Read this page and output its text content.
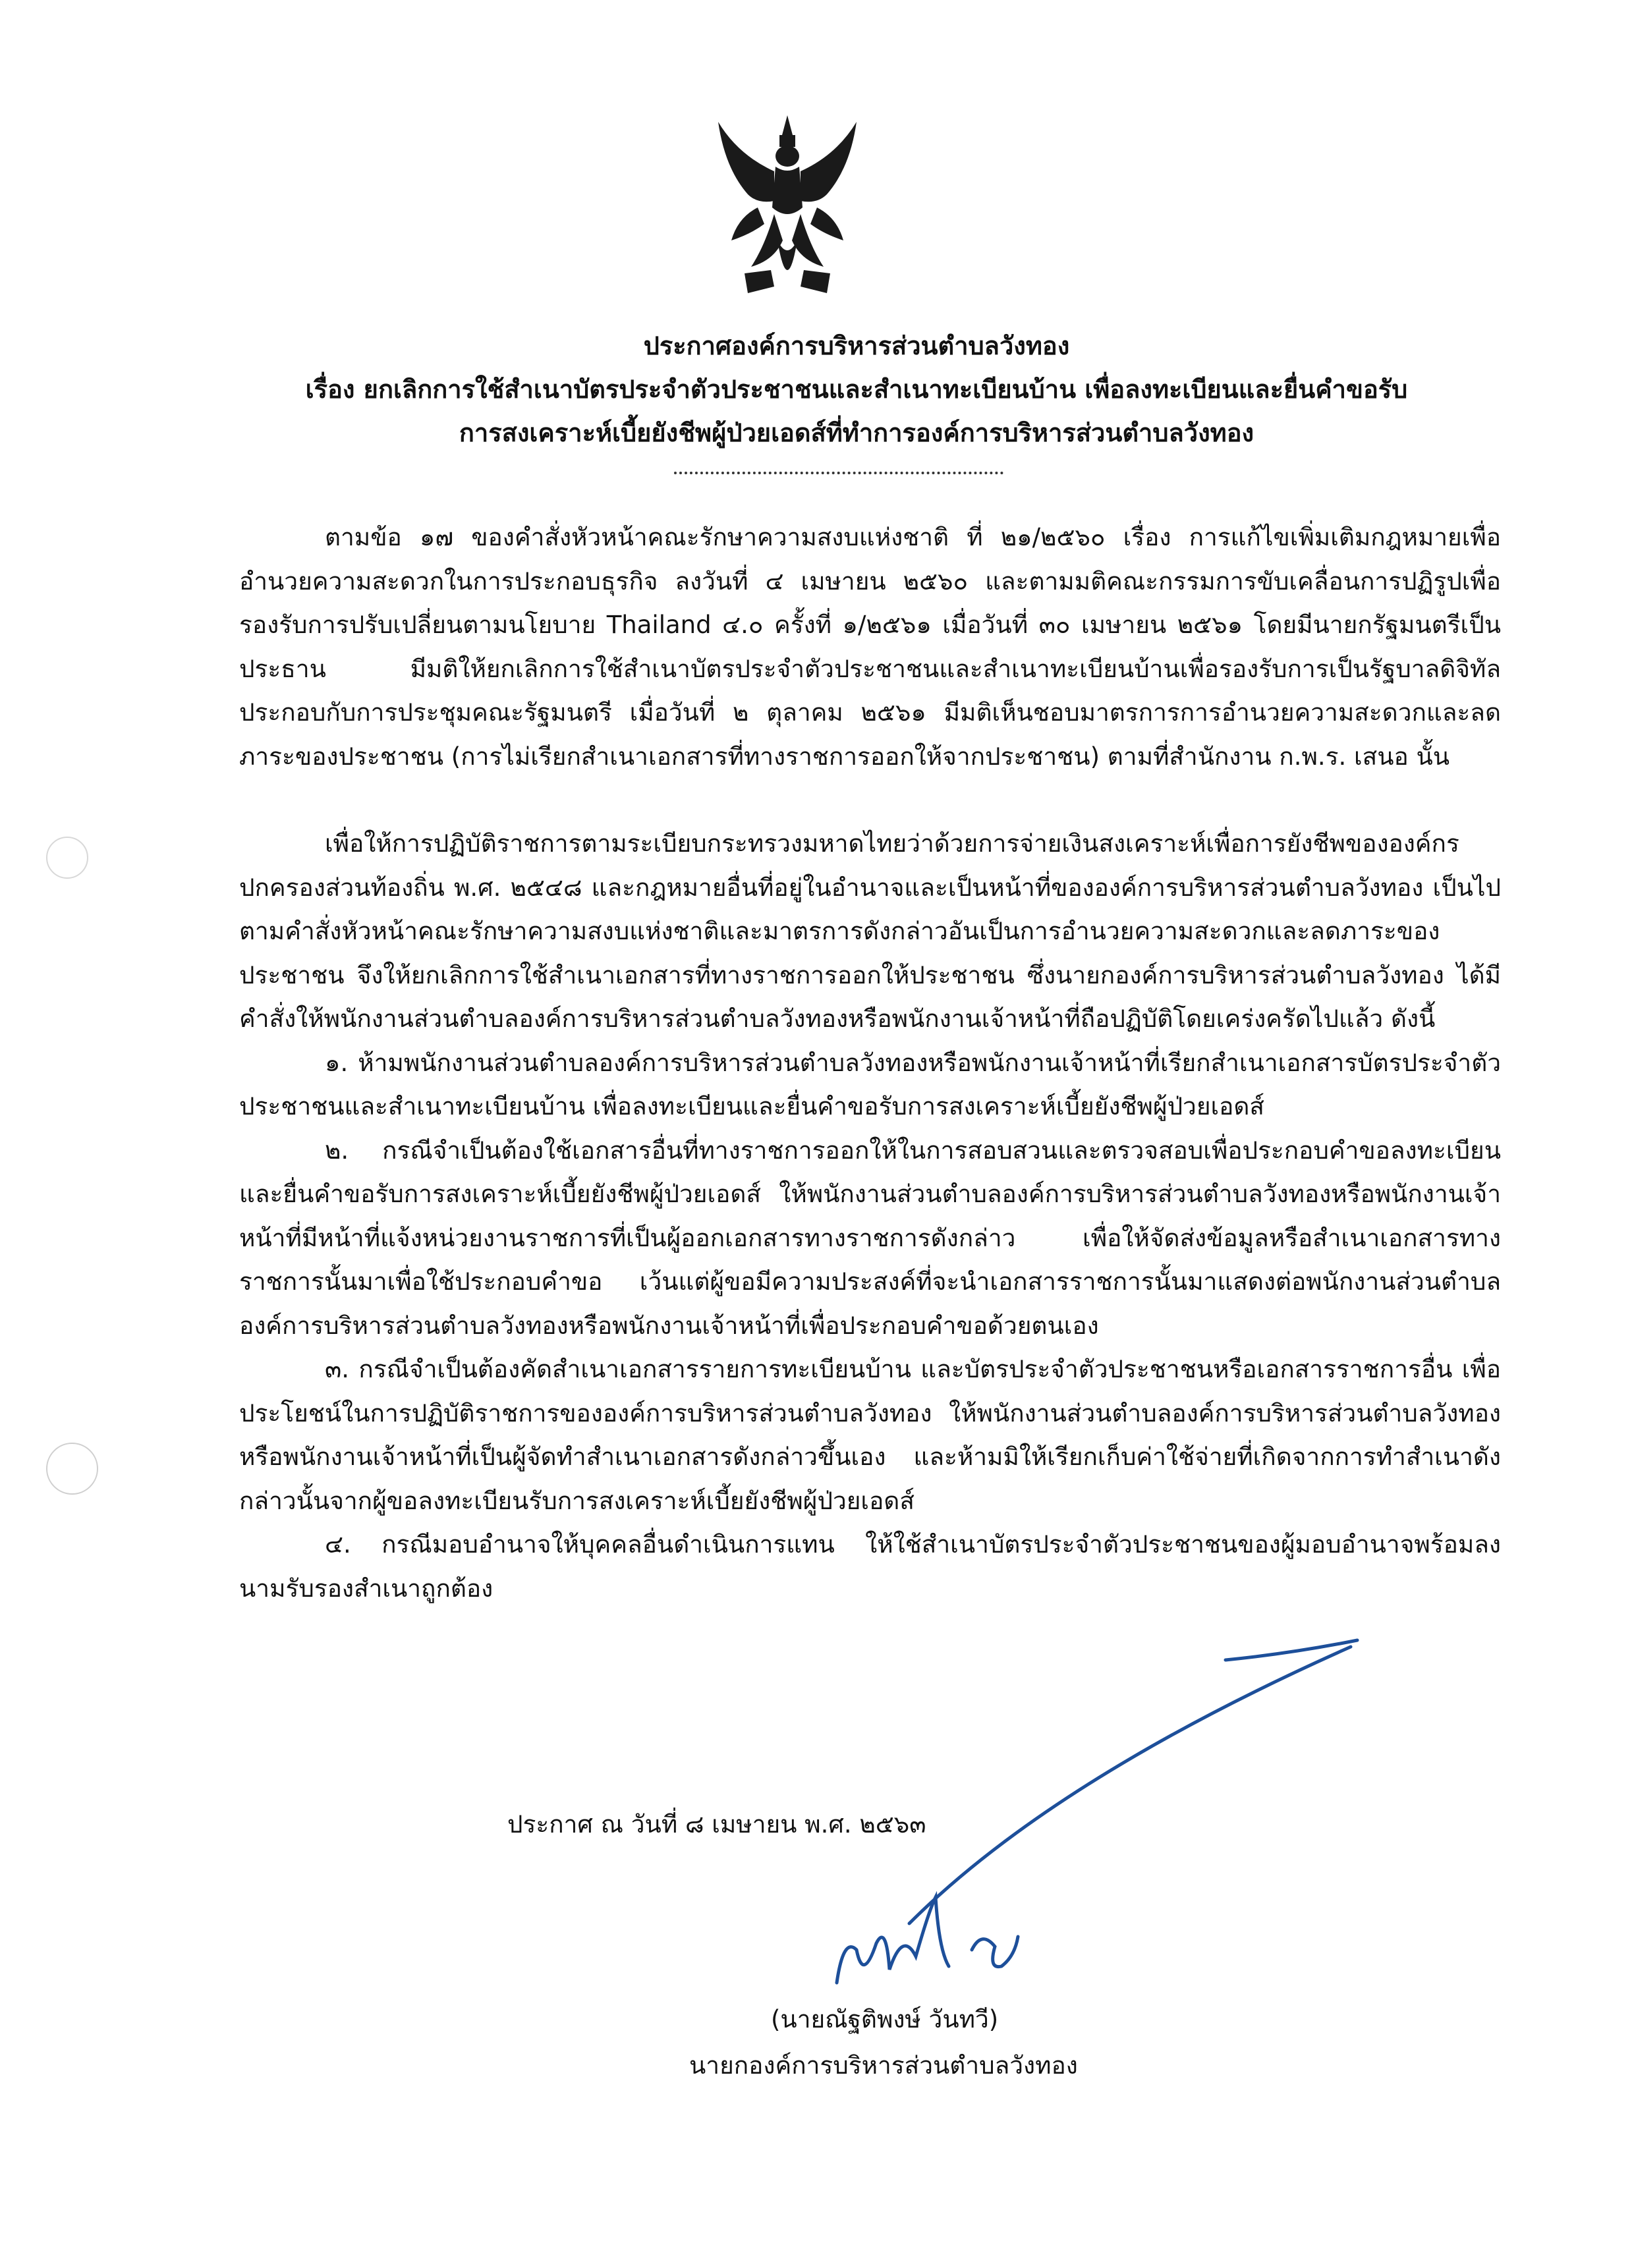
ประกาศองค์การบริหารส่วนตำบลวังทอง
เรื่อง ยกเลิกการใช้สำเนาบัตรประจำตัวประชาชนและสำเนาทะเบียนบ้าน เพื่อลงทะเบียนและยื่นคำขอรับ
การสงเคราะห์เบี้ยยังชีพผู้ป่วยเอดส์ที่ทำการองค์การบริหารส่วนตำบลวังทอง

ตามข้อ ๑๗ ของคำสั่งหัวหน้าคณะรักษาความสงบแห่งชาติ ที่ ๒๑/๒๕๖๐ เรื่อง การแก้ไขเพิ่มเติมกฎหมายเพื่ออำนวยความสะดวกในการประกอบธุรกิจ ลงวันที่ ๔ เมษายน ๒๕๖๐ และตามมติคณะกรรมการขับเคลื่อนการปฏิรูปเพื่อรองรับการปรับเปลี่ยนตามนโยบาย Thailand ๔.๐ ครั้งที่ ๑/๒๕๖๑ เมื่อวันที่ ๓๐ เมษายน ๒๕๖๑ โดยมีนายกรัฐมนตรีเป็นประธาน มีมติให้ยกเลิกการใช้สำเนาบัตรประจำตัวประชาชนและสำเนาทะเบียนบ้านเพื่อรองรับการเป็นรัฐบาลดิจิทัล ประกอบกับการประชุมคณะรัฐมนตรี เมื่อวันที่ ๒ ตุลาคม ๒๕๖๑ มีมติเห็นชอบมาตรการการอำนวยความสะดวกและลดภาระของประชาชน (การไม่เรียกสำเนาเอกสารที่ทางราชการออกให้จากประชาชน) ตามที่สำนักงาน ก.พ.ร. เสนอ นั้น

เพื่อให้การปฏิบัติราชการตามระเบียบกระทรวงมหาดไทยว่าด้วยการจ่ายเงินสงเคราะห์เพื่อการยังชีพขององค์กรปกครองส่วนท้องถิ่น พ.ศ. ๒๕๔๘ และกฎหมายอื่นที่อยู่ในอำนาจและเป็นหน้าที่ขององค์การบริหารส่วนตำบลวังทอง เป็นไปตามคำสั่งหัวหน้าคณะรักษาความสงบแห่งชาติและมาตรการดังกล่าวอันเป็นการอำนวยความสะดวกและลดภาระของประชาชน จึงให้ยกเลิกการใช้สำเนาเอกสารที่ทางราชการออกให้ประชาชน ซึ่งนายกองค์การบริหารส่วนตำบลวังทอง ได้มีคำสั่งให้พนักงานส่วนตำบลองค์การบริหารส่วนตำบลวังทองหรือพนักงานเจ้าหน้าที่ถือปฏิบัติโดยเคร่งครัดไปแล้ว ดังนี้

๑. ห้ามพนักงานส่วนตำบลองค์การบริหารส่วนตำบลวังทองหรือพนักงานเจ้าหน้าที่เรียกสำเนาเอกสารบัตรประจำตัวประชาชนและสำเนาทะเบียนบ้าน เพื่อลงทะเบียนและยื่นคำขอรับการสงเคราะห์เบี้ยยังชีพผู้ป่วยเอดส์

๒. กรณีจำเป็นต้องใช้เอกสารอื่นที่ทางราชการออกให้ในการสอบสวนและตรวจสอบเพื่อประกอบคำขอลงทะเบียนและยื่นคำขอรับการสงเคราะห์เบี้ยยังชีพผู้ป่วยเอดส์ ให้พนักงานส่วนตำบลองค์การบริหารส่วนตำบลวังทองหรือพนักงานเจ้าหน้าที่มีหน้าที่แจ้งหน่วยงานราชการที่เป็นผู้ออกเอกสารทางราชการดังกล่าว เพื่อให้จัดส่งข้อมูลหรือสำเนาเอกสารทางราชการนั้นมาเพื่อใช้ประกอบคำขอ เว้นแต่ผู้ขอมีความประสงค์ที่จะนำเอกสารราชการนั้นมาแสดงต่อพนักงานส่วนตำบลองค์การบริหารส่วนตำบลวังทองหรือพนักงานเจ้าหน้าที่เพื่อประกอบคำขอด้วยตนเอง

๓. กรณีจำเป็นต้องคัดสำเนาเอกสารรายการทะเบียนบ้าน และบัตรประจำตัวประชาชนหรือเอกสารราชการอื่น เพื่อประโยชน์ในการปฏิบัติราชการขององค์การบริหารส่วนตำบลวังทอง ให้พนักงานส่วนตำบลองค์การบริหารส่วนตำบลวังทองหรือพนักงานเจ้าหน้าที่เป็นผู้จัดทำสำเนาเอกสารดังกล่าวขึ้นเอง และห้ามมิให้เรียกเก็บค่าใช้จ่ายที่เกิดจากการทำสำเนาดังกล่าวนั้นจากผู้ขอลงทะเบียนรับการสงเคราะห์เบี้ยยังชีพผู้ป่วยเอดส์

๔. กรณีมอบอำนาจให้บุคคลอื่นดำเนินการแทน ให้ใช้สำเนาบัตรประจำตัวประชาชนของผู้มอบอำนาจพร้อมลงนามรับรองสำเนาถูกต้อง

ประกาศ ณ วันที่ ๘ เมษายน พ.ศ. ๒๕๖๓
(นายณัฐติพงษ์ วันทวี)
นายกองค์การบริหารส่วนตำบลวังทอง
